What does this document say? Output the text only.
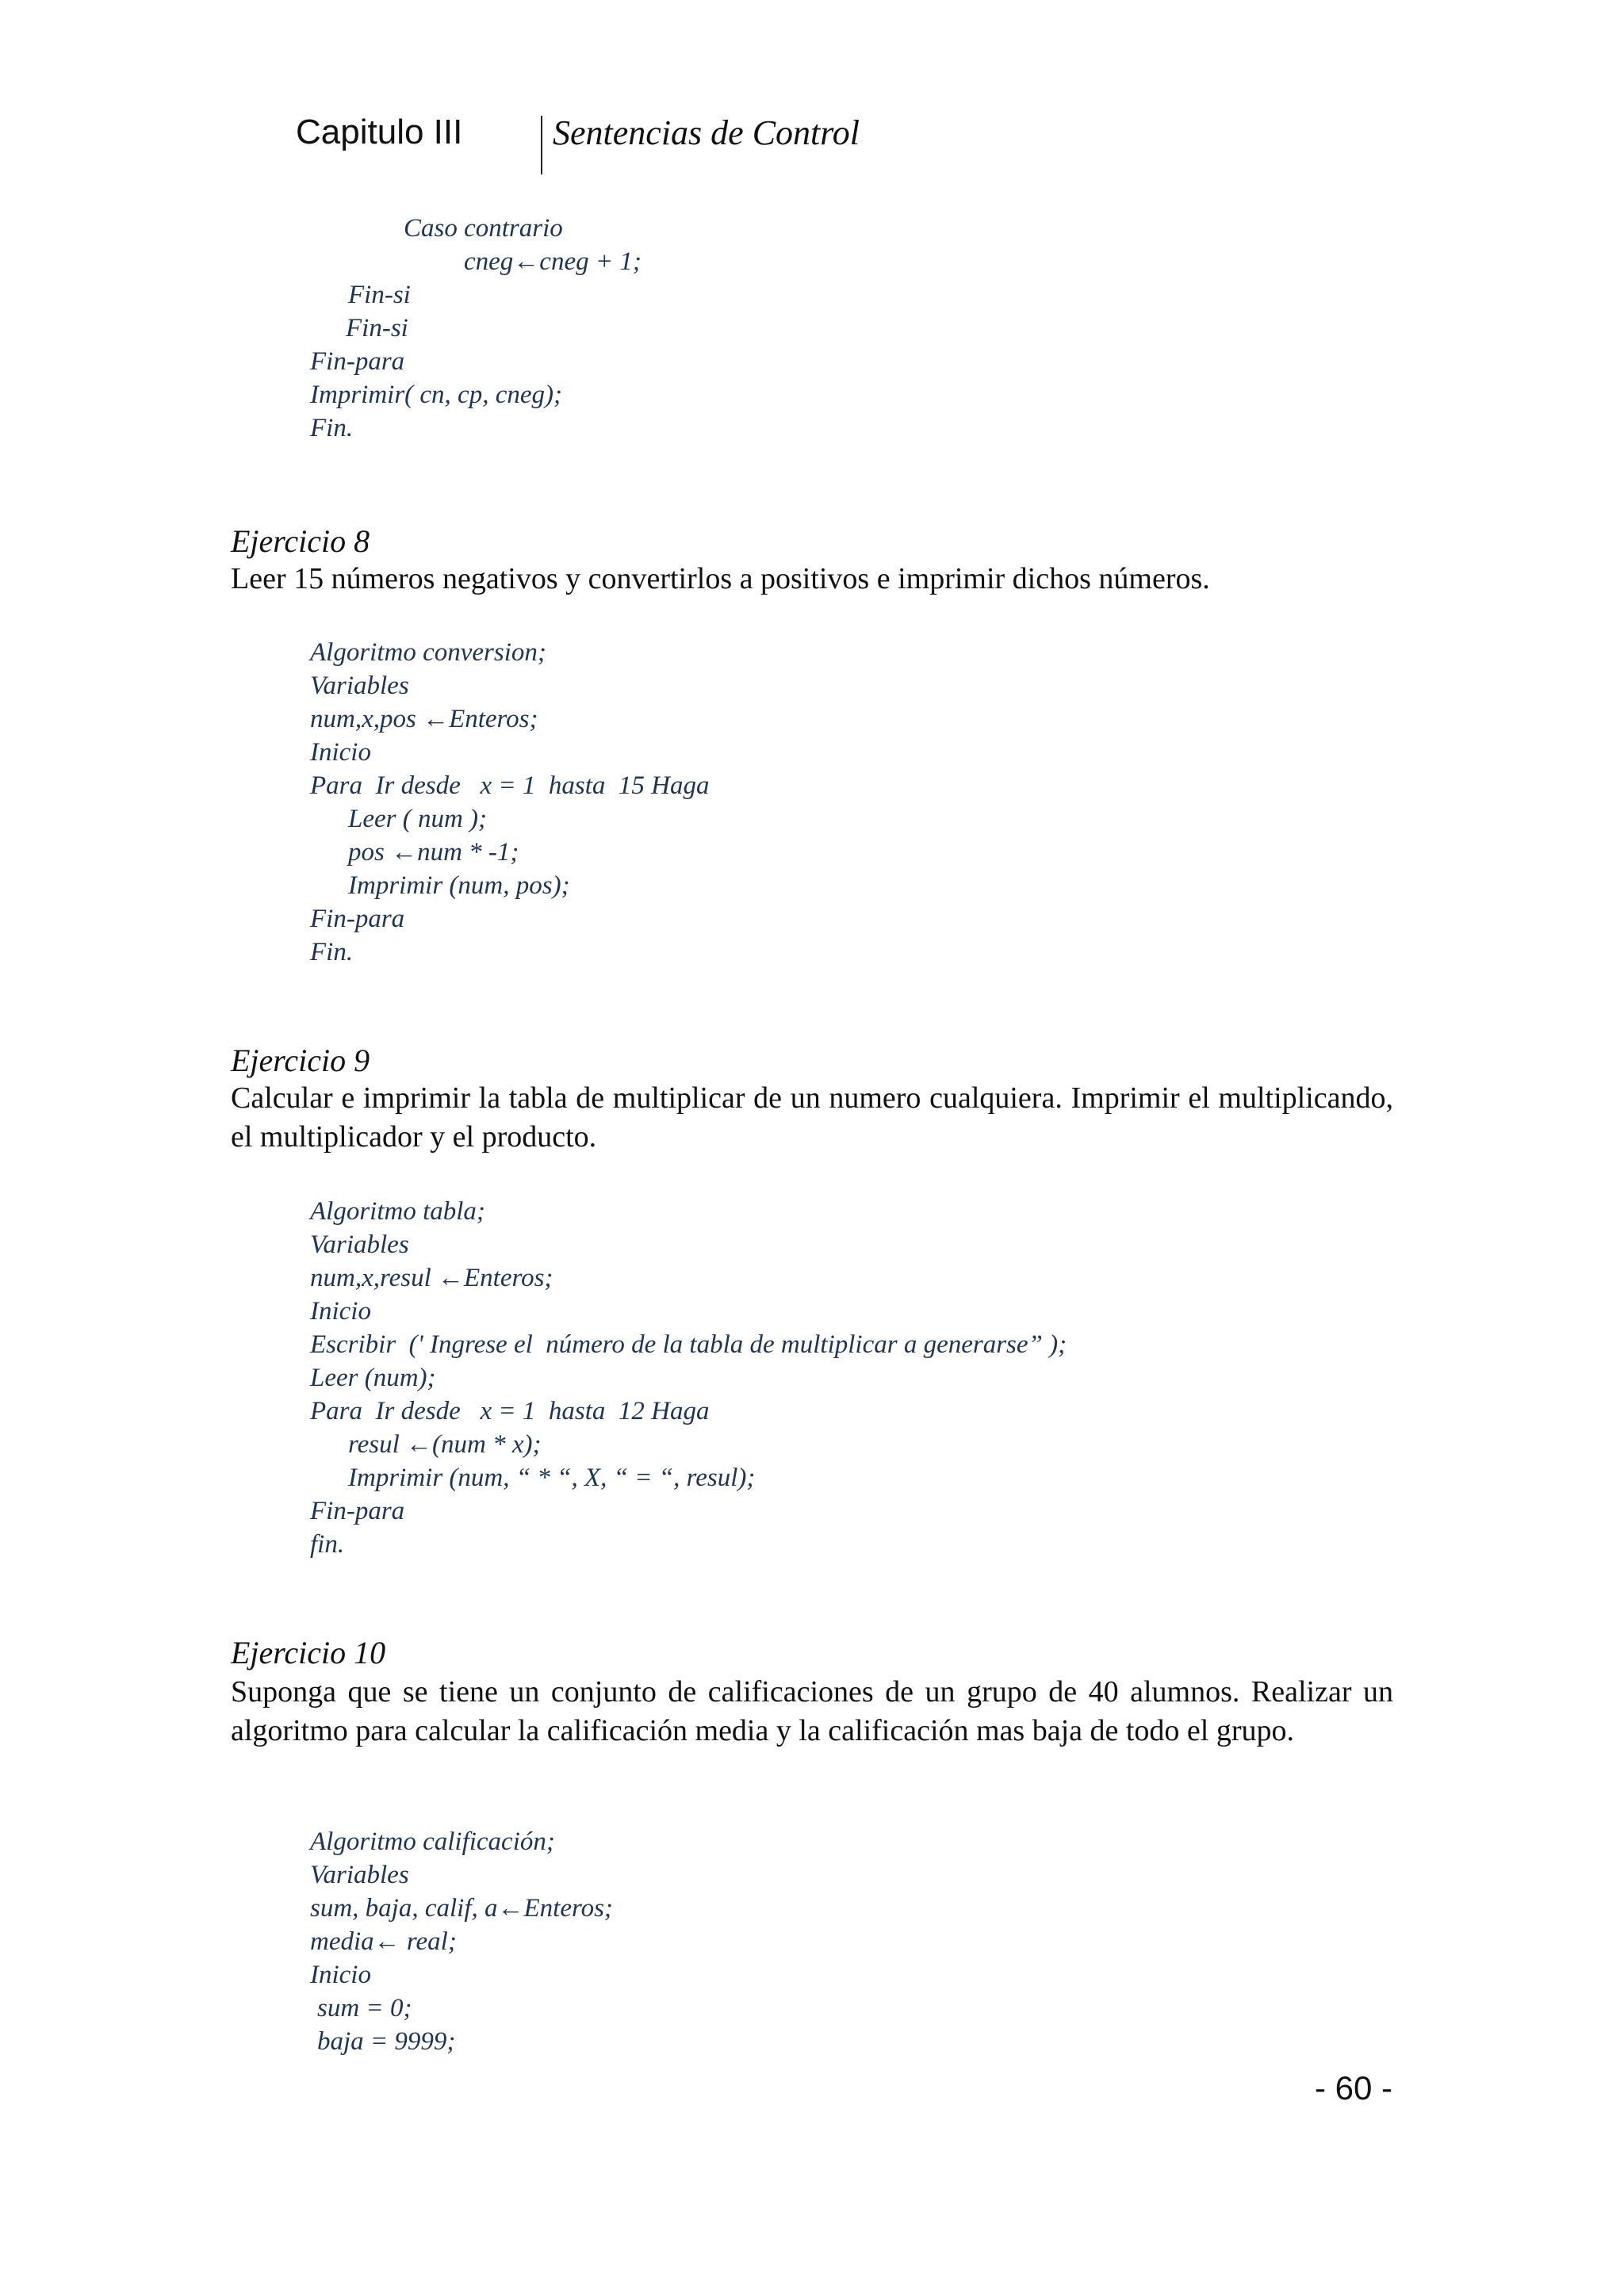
Capitulo III	Sentencias de Control
Caso contrario
cneg←cneg + 1;
Fin-si
Fin-si
Fin-para
Imprimir( cn, cp, cneg);
Fin.
Ejercicio 8
Leer 15 números negativos y convertirlos a positivos e imprimir dichos números.
Algoritmo conversion;
Variables
num,x,pos ←Enteros;
Inicio
Para  Ir desde   x = 1  hasta  15 Haga
Leer ( num );
pos ←num * -1;
Imprimir (num, pos);
Fin-para
Fin.
Ejercicio 9
Calcular e imprimir la tabla de multiplicar de un numero cualquiera. Imprimir el multiplicando, el multiplicador y el producto.
Algoritmo tabla;
Variables
num,x,resul ←Enteros;
Inicio
Escribir  (' Ingrese el  número de la tabla de multiplicar a generarse” );
Leer (num);
Para  Ir desde   x = 1  hasta  12 Haga
resul ←(num * x);
Imprimir (num, “ * “, X, “ = “, resul);
Fin-para
fin.
Ejercicio 10
Suponga que se tiene un conjunto de calificaciones de un grupo de 40 alumnos. Realizar un algoritmo para calcular la calificación media y la calificación mas baja de todo el grupo.
Algoritmo calificación;
Variables
sum, baja, calif, a←Enteros;
media← real;
Inicio
sum = 0;
baja = 9999;
- 60 -
